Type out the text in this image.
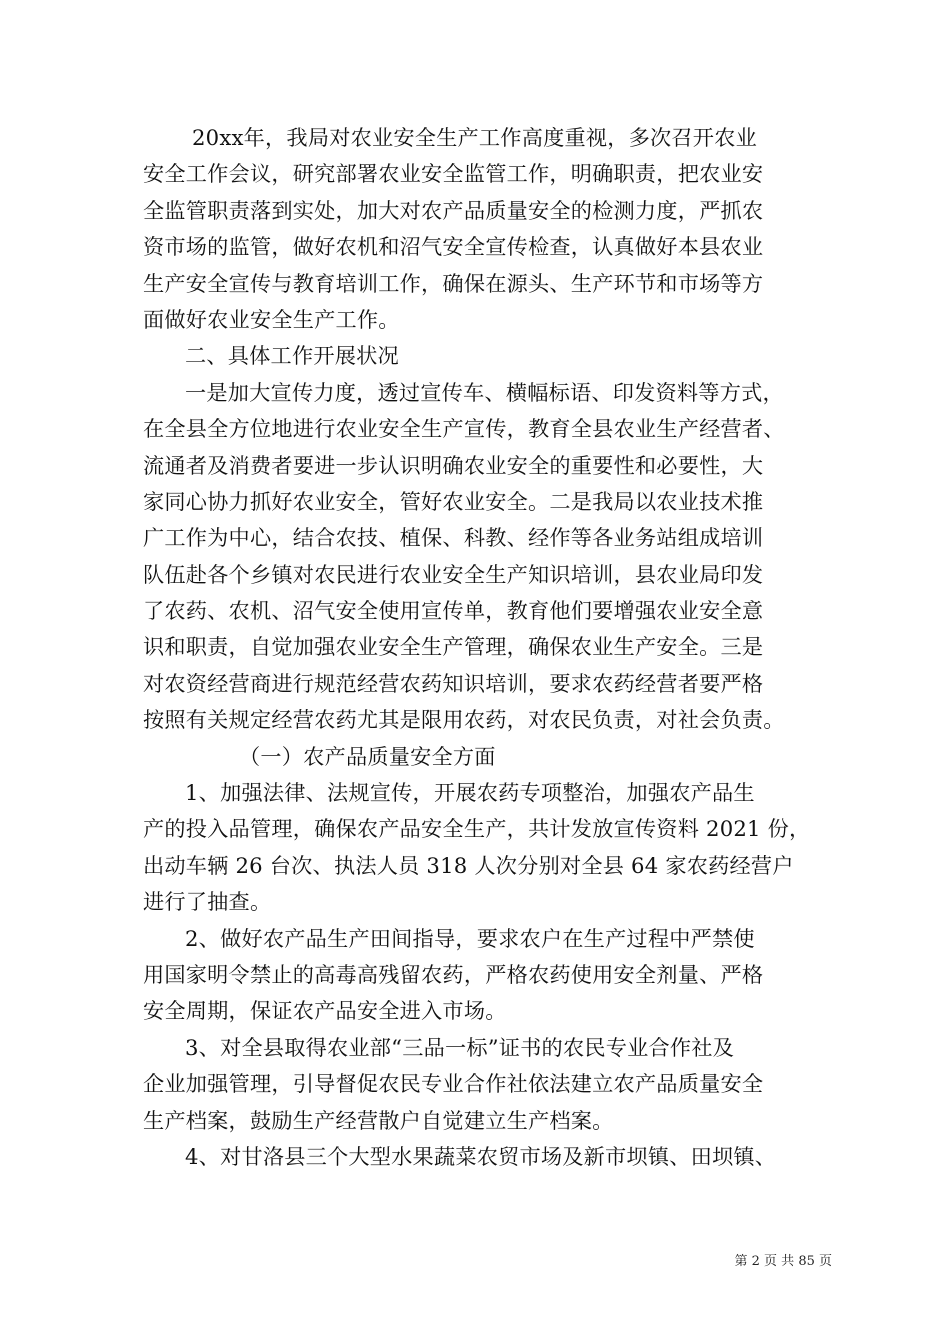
20xx年，我局对农业安全生产工作高度重视，多次召开农业
安全工作会议，研究部署农业安全监管工作，明确职责，把农业安
全监管职责落到实处，加大对农产品质量安全的检测力度，严抓农
资市场的监管，做好农机和沼气安全宣传检查，认真做好本县农业
生产安全宣传与教育培训工作，确保在源头、生产环节和市场等方
面做好农业安全生产工作。
二、具体工作开展状况
一是加大宣传力度，透过宣传车、横幅标语、印发资料等方式，
在全县全方位地进行农业安全生产宣传，教育全县农业生产经营者、
流通者及消费者要进一步认识明确农业安全的重要性和必要性，大
家同心协力抓好农业安全，管好农业安全。二是我局以农业技术推
广工作为中心，结合农技、植保、科教、经作等各业务站组成培训
队伍赴各个乡镇对农民进行农业安全生产知识培训，县农业局印发
了农药、农机、沼气安全使用宣传单，教育他们要增强农业安全意
识和职责，自觉加强农业安全生产管理，确保农业生产安全。三是
对农资经营商进行规范经营农药知识培训，要求农药经营者要严格
按照有关规定经营农药尤其是限用农药，对农民负责，对社会负责。
（一）农产品质量安全方面
1、加强法律、法规宣传，开展农药专项整治，加强农产品生
产的投入品管理，确保农产品安全生产，共计发放宣传资料 2021 份，
出动车辆 26 台次、执法人员 318 人次分别对全县 64 家农药经营户
进行了抽查。
2、做好农产品生产田间指导，要求农户在生产过程中严禁使
用国家明令禁止的高毒高残留农药，严格农药使用安全剂量、严格
安全周期，保证农产品安全进入市场。
3、对全县取得农业部“三品一标”证书的农民专业合作社及
企业加强管理，引导督促农民专业合作社依法建立农产品质量安全
生产档案，鼓励生产经营散户自觉建立生产档案。
4、对甘洛县三个大型水果蔬菜农贸市场及新市坝镇、田坝镇、
第 2 页 共 85 页
